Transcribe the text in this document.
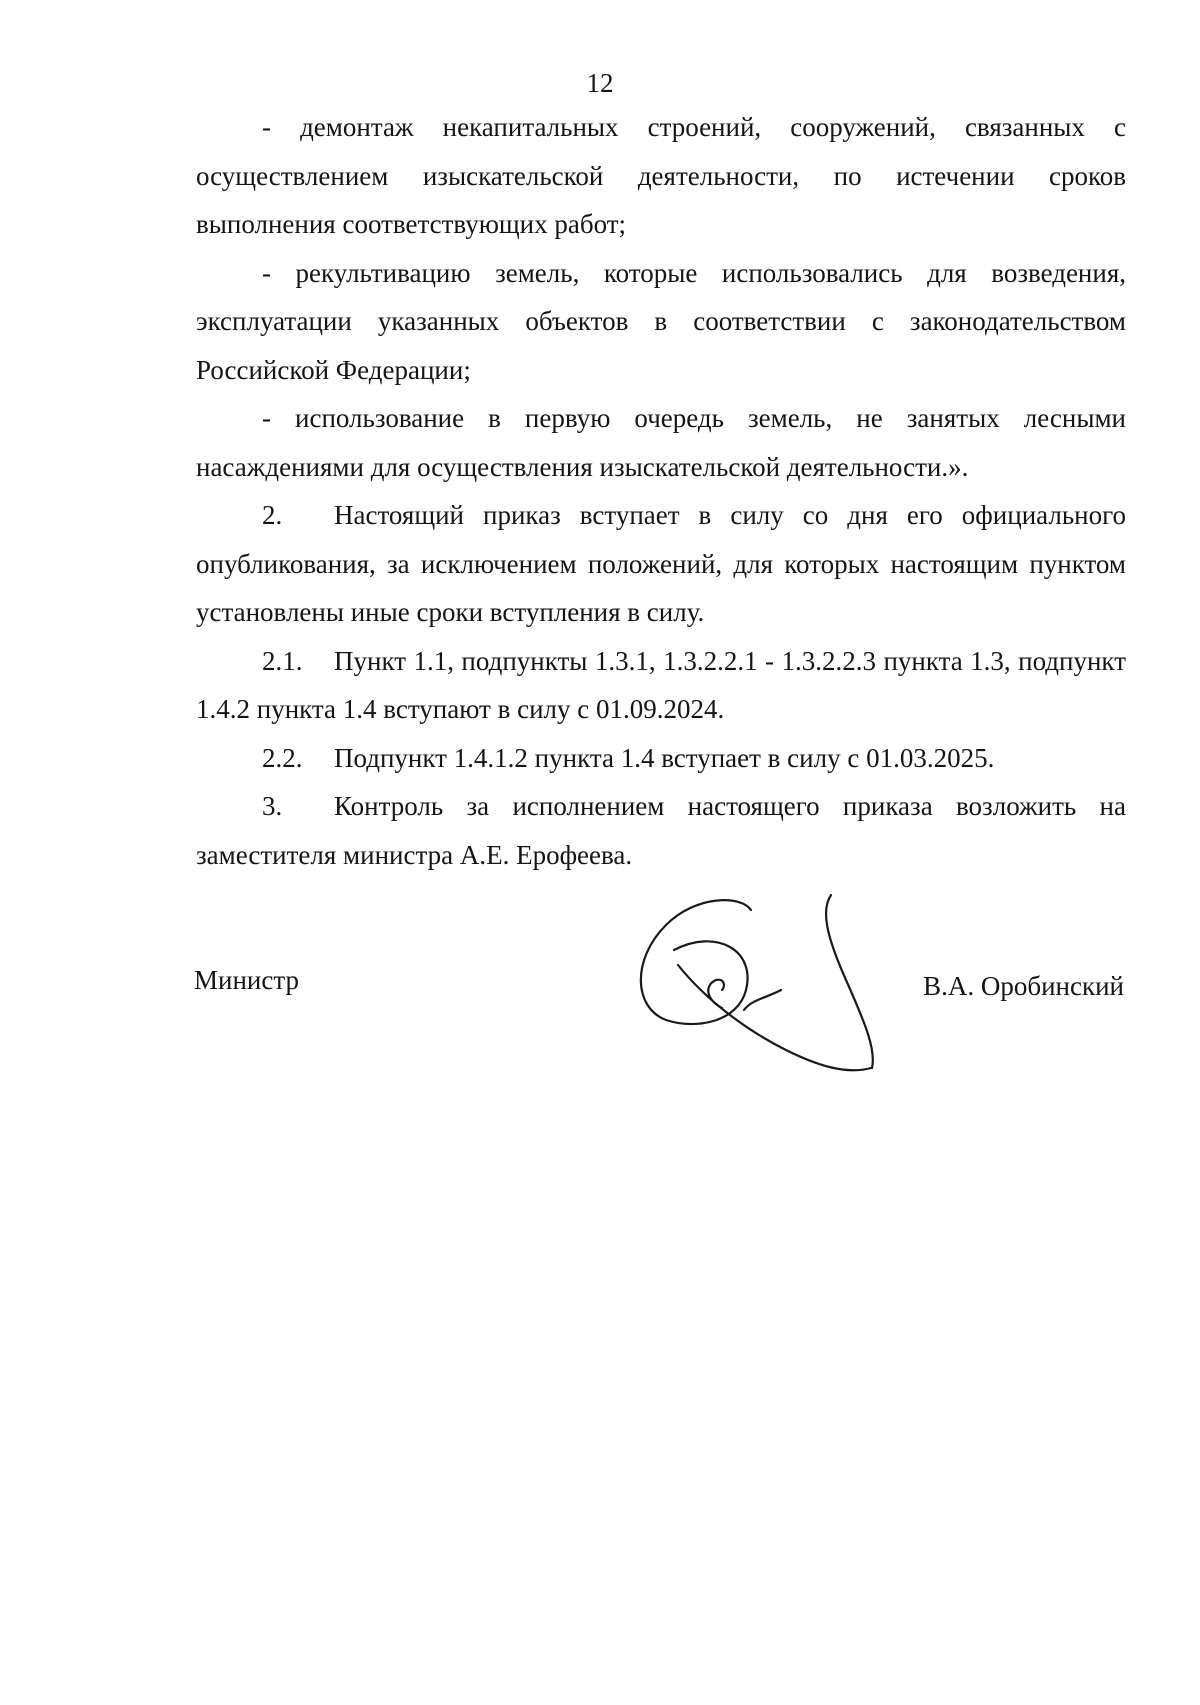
12

- демонтаж некапитальных строений, сооружений, связанных с осуществлением изыскательской деятельности, по истечении сроков выполнения соответствующих работ;

- рекультивацию земель, которые использовались для возведения, эксплуатации указанных объектов в соответствии с законодательством Российской Федерации;

- использование в первую очередь земель, не занятых лесными насаждениями для осуществления изыскательской деятельности.».

2. Настоящий приказ вступает в силу со дня его официального опубликования, за исключением положений, для которых настоящим пунктом установлены иные сроки вступления в силу.

2.1. Пункт 1.1, подпункты 1.3.1, 1.3.2.2.1 - 1.3.2.2.3 пункта 1.3, подпункт 1.4.2 пункта 1.4 вступают в силу с 01.09.2024.

2.2. Подпункт 1.4.1.2 пункта 1.4 вступает в силу с 01.03.2025.

3. Контроль за исполнением настоящего приказа возложить на заместителя министра А.Е. Ерофеева.

Министр	В.А. Оробинский
